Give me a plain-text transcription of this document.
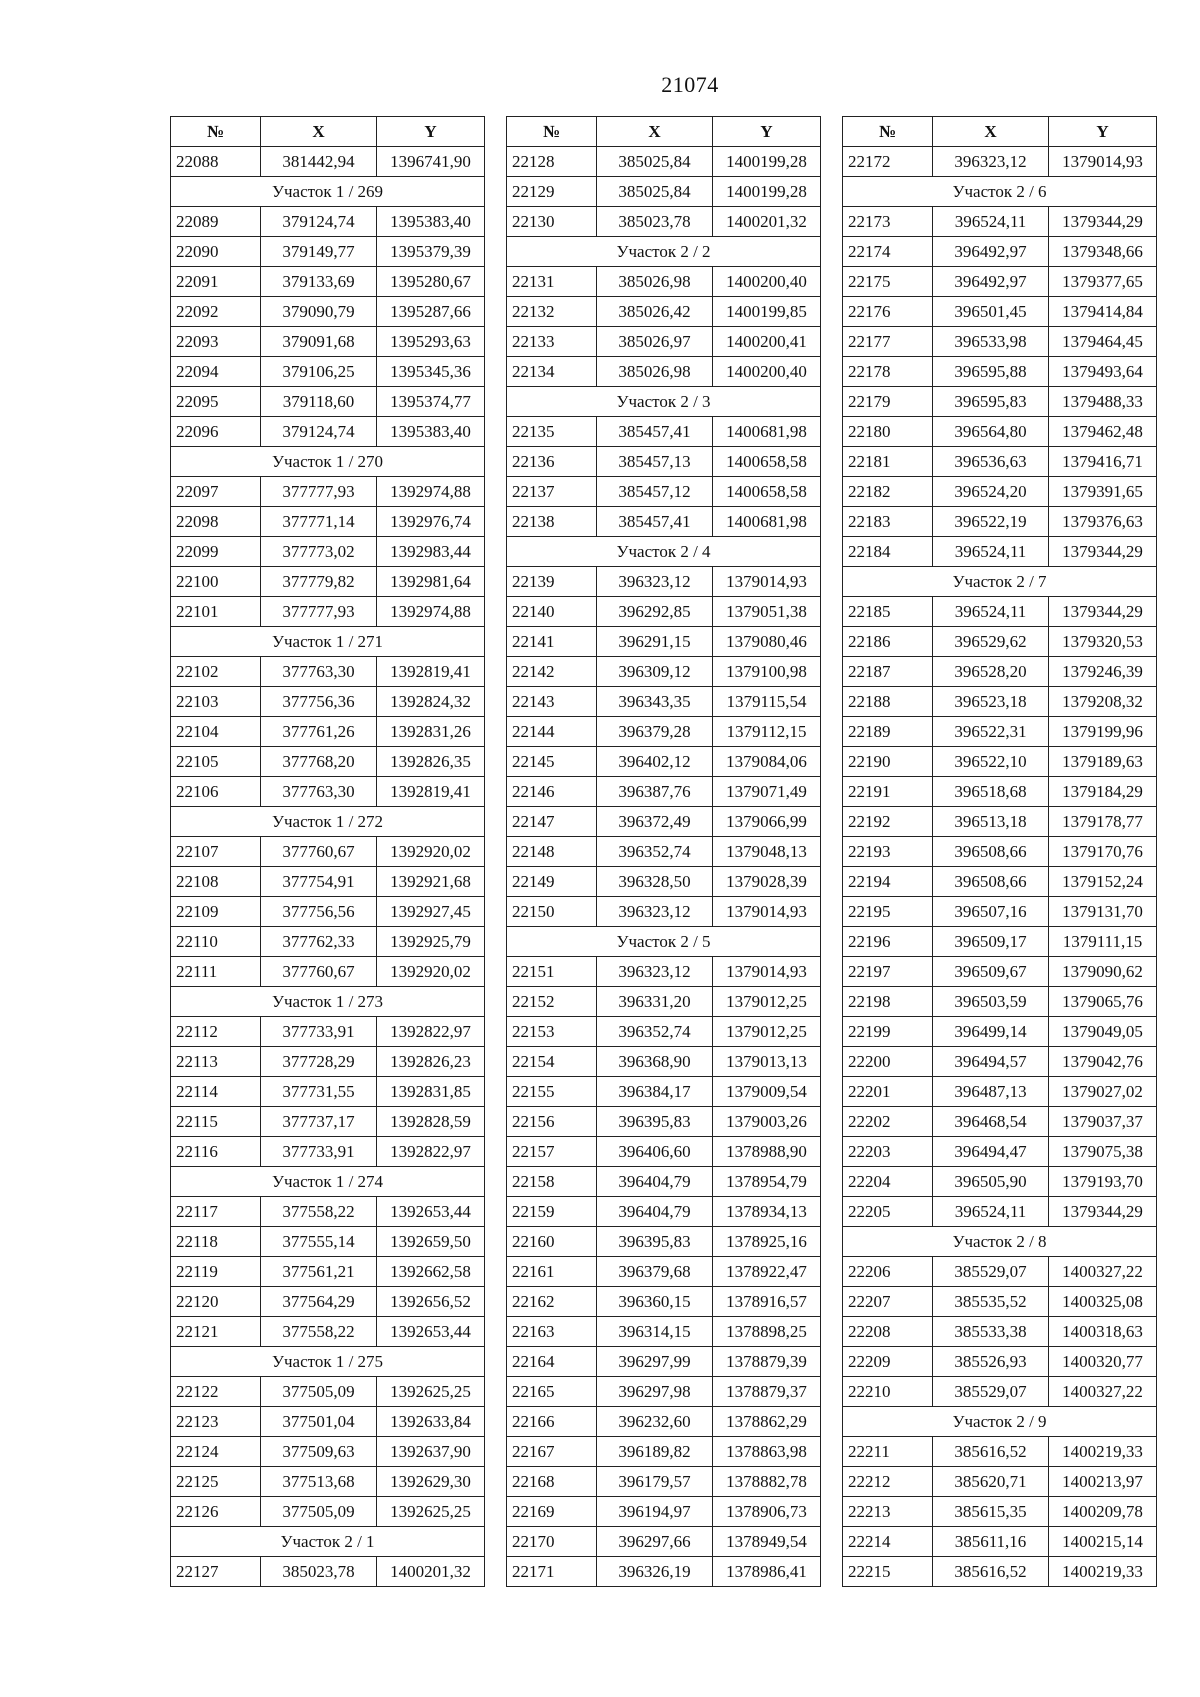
21074
№	X	Y
22088	381442,94	1396741,90
Участок 1 / 269		
22089	379124,74	1395383,40
22090	379149,77	1395379,39
22091	379133,69	1395280,67
22092	379090,79	1395287,66
22093	379091,68	1395293,63
22094	379106,25	1395345,36
22095	379118,60	1395374,77
22096	379124,74	1395383,40
Участок 1 / 270		
22097	377777,93	1392974,88
22098	377771,14	1392976,74
22099	377773,02	1392983,44
22100	377779,82	1392981,64
22101	377777,93	1392974,88
Участок 1 / 271		
22102	377763,30	1392819,41
22103	377756,36	1392824,32
22104	377761,26	1392831,26
22105	377768,20	1392826,35
22106	377763,30	1392819,41
Участок 1 / 272		
22107	377760,67	1392920,02
22108	377754,91	1392921,68
22109	377756,56	1392927,45
22110	377762,33	1392925,79
22111	377760,67	1392920,02
Участок 1 / 273		
22112	377733,91	1392822,97
22113	377728,29	1392826,23
22114	377731,55	1392831,85
22115	377737,17	1392828,59
22116	377733,91	1392822,97
Участок 1 / 274		
22117	377558,22	1392653,44
22118	377555,14	1392659,50
22119	377561,21	1392662,58
22120	377564,29	1392656,52
22121	377558,22	1392653,44
Участок 1 / 275		
22122	377505,09	1392625,25
22123	377501,04	1392633,84
22124	377509,63	1392637,90
22125	377513,68	1392629,30
22126	377505,09	1392625,25
Участок 2 / 1		
22127	385023,78	1400201,32
№	X	Y
22128	385025,84	1400199,28
22129	385025,84	1400199,28
22130	385023,78	1400201,32
Участок 2 / 2		
22131	385026,98	1400200,40
22132	385026,42	1400199,85
22133	385026,97	1400200,41
22134	385026,98	1400200,40
Участок 2 / 3		
22135	385457,41	1400681,98
22136	385457,13	1400658,58
22137	385457,12	1400658,58
22138	385457,41	1400681,98
Участок 2 / 4		
22139	396323,12	1379014,93
22140	396292,85	1379051,38
22141	396291,15	1379080,46
22142	396309,12	1379100,98
22143	396343,35	1379115,54
22144	396379,28	1379112,15
22145	396402,12	1379084,06
22146	396387,76	1379071,49
22147	396372,49	1379066,99
22148	396352,74	1379048,13
22149	396328,50	1379028,39
22150	396323,12	1379014,93
Участок 2 / 5		
22151	396323,12	1379014,93
22152	396331,20	1379012,25
22153	396352,74	1379012,25
22154	396368,90	1379013,13
22155	396384,17	1379009,54
22156	396395,83	1379003,26
22157	396406,60	1378988,90
22158	396404,79	1378954,79
22159	396404,79	1378934,13
22160	396395,83	1378925,16
22161	396379,68	1378922,47
22162	396360,15	1378916,57
22163	396314,15	1378898,25
22164	396297,99	1378879,39
22165	396297,98	1378879,37
22166	396232,60	1378862,29
22167	396189,82	1378863,98
22168	396179,57	1378882,78
22169	396194,97	1378906,73
22170	396297,66	1378949,54
22171	396326,19	1378986,41
№	X	Y
22172	396323,12	1379014,93
Участок 2 / 6		
22173	396524,11	1379344,29
22174	396492,97	1379348,66
22175	396492,97	1379377,65
22176	396501,45	1379414,84
22177	396533,98	1379464,45
22178	396595,88	1379493,64
22179	396595,83	1379488,33
22180	396564,80	1379462,48
22181	396536,63	1379416,71
22182	396524,20	1379391,65
22183	396522,19	1379376,63
22184	396524,11	1379344,29
Участок 2 / 7		
22185	396524,11	1379344,29
22186	396529,62	1379320,53
22187	396528,20	1379246,39
22188	396523,18	1379208,32
22189	396522,31	1379199,96
22190	396522,10	1379189,63
22191	396518,68	1379184,29
22192	396513,18	1379178,77
22193	396508,66	1379170,76
22194	396508,66	1379152,24
22195	396507,16	1379131,70
22196	396509,17	1379111,15
22197	396509,67	1379090,62
22198	396503,59	1379065,76
22199	396499,14	1379049,05
22200	396494,57	1379042,76
22201	396487,13	1379027,02
22202	396468,54	1379037,37
22203	396494,47	1379075,38
22204	396505,90	1379193,70
22205	396524,11	1379344,29
Участок 2 / 8		
22206	385529,07	1400327,22
22207	385535,52	1400325,08
22208	385533,38	1400318,63
22209	385526,93	1400320,77
22210	385529,07	1400327,22
Участок 2 / 9		
22211	385616,52	1400219,33
22212	385620,71	1400213,97
22213	385615,35	1400209,78
22214	385611,16	1400215,14
22215	385616,52	1400219,33
